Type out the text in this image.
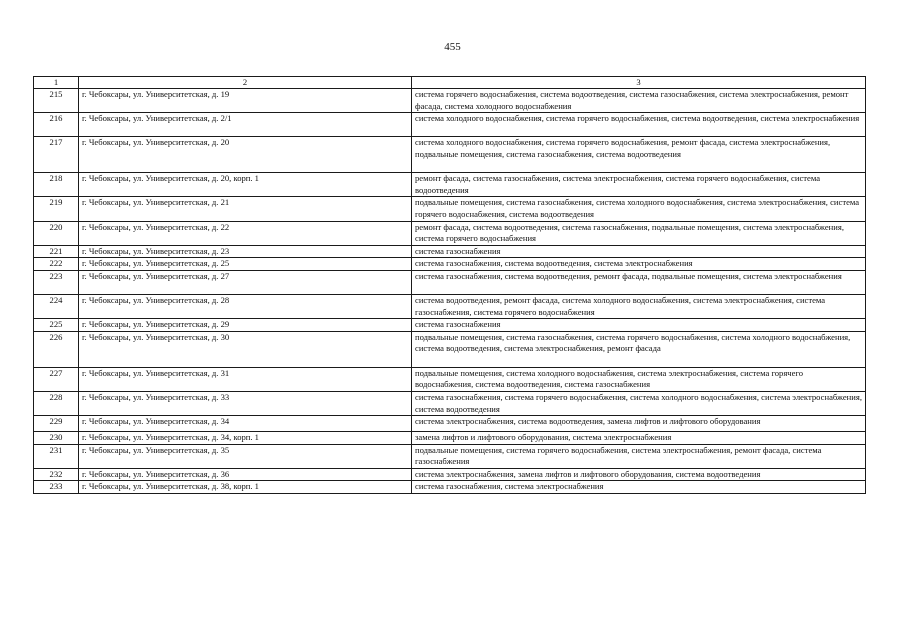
455
1	2	3
215	г. Чебоксары, ул. Университетская, д. 19	система горячего водоснабжения, система водоотведения, система газоснабжения, система электроснабжения, ремонт фасада, система холодного водоснабжения
216	г. Чебоксары, ул. Университетская, д. 2/1	система холодного водоснабжения, система горячего водоснабжения, система водоотведения, система электроснабжения
217	г. Чебоксары, ул. Университетская, д. 20	система холодного водоснабжения, система горячего водоснабжения, ремонт фасада, система электроснабжения, подвальные помещения, система газоснабжения, система водоотведения
218	г. Чебоксары, ул. Университетская, д. 20, корп. 1	ремонт фасада, система газоснабжения, система электроснабжения, система горячего водоснабжения, система водоотведения
219	г. Чебоксары, ул. Университетская, д. 21	подвальные помещения, система газоснабжения, система холодного водоснабжения, система электроснабжения, система горячего водоснабжения, система водоотведения
220	г. Чебоксары, ул. Университетская, д. 22	ремонт фасада, система водоотведения, система газоснабжения, подвальные помещения, система электроснабжения, система горячего водоснабжения
221	г. Чебоксары, ул. Университетская, д. 23	система газоснабжения
222	г. Чебоксары, ул. Университетская, д. 25	система газоснабжения, система водоотведения, система электроснабжения
223	г. Чебоксары, ул. Университетская, д. 27	система газоснабжения, система водоотведения, ремонт фасада, подвальные помещения, система электроснабжения
224	г. Чебоксары, ул. Университетская, д. 28	система водоотведения, ремонт фасада, система холодного водоснабжения, система электроснабжения, система газоснабжения, система горячего водоснабжения
225	г. Чебоксары, ул. Университетская, д. 29	система газоснабжения
226	г. Чебоксары, ул. Университетская, д. 30	подвальные помещения, система газоснабжения, система горячего водоснабжения, система холодного водоснабжения, система водоотведения, система электроснабжения, ремонт фасада
227	г. Чебоксары, ул. Университетская, д. 31	подвальные помещения, система холодного водоснабжения, система электроснабжения, система горячего водоснабжения, система водоотведения, система газоснабжения
228	г. Чебоксары, ул. Университетская, д. 33	система газоснабжения, система горячего водоснабжения, система холодного водоснабжения, система электроснабжения, система водоотведения
229	г. Чебоксары, ул. Университетская, д. 34	система электроснабжения, система водоотведения, замена лифтов и лифтового оборудования
230	г. Чебоксары, ул. Университетская, д. 34, корп. 1	замена лифтов и лифтового оборудования, система электроснабжения
231	г. Чебоксары, ул. Университетская, д. 35	подвальные помещения, система горячего водоснабжения, система электроснабжения, ремонт фасада, система газоснабжения
232	г. Чебоксары, ул. Университетская, д. 36	система электроснабжения, замена лифтов и лифтового оборудования, система водоотведения
233	г. Чебоксары, ул. Университетская, д. 38, корп. 1	система газоснабжения, система электроснабжения
